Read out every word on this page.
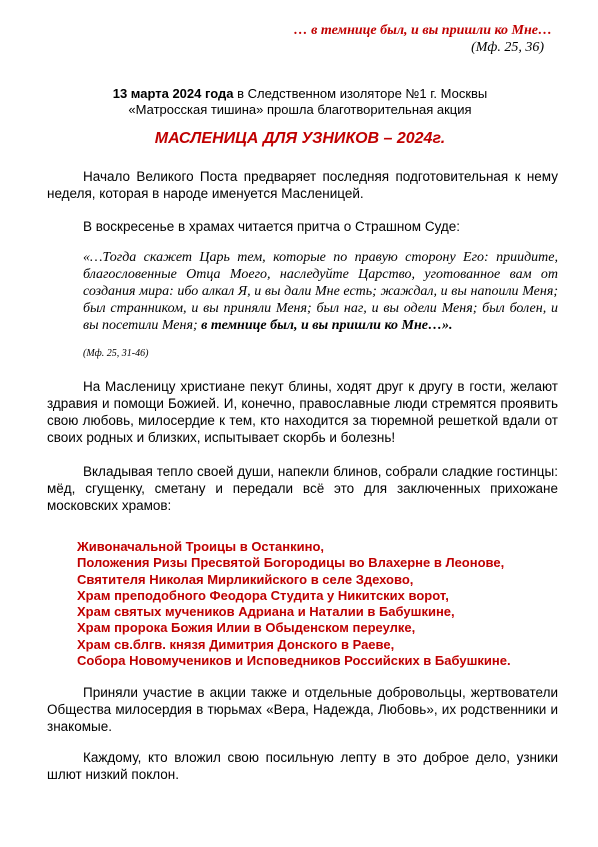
… в темнице был, и вы пришли ко Мне…
(Мф. 25, 36)
13 марта 2024 года в Следственном изоляторе №1 г. Москвы
«Матросская тишина» прошла благотворительная акция
МАСЛЕНИЦА ДЛЯ УЗНИКОВ – 2024г.

Начало Великого Поста предваряет последняя подготовительная к нему неделя, которая в народе именуется Масленицей.

В воскресенье в храмах читается притча о Страшном Суде:

«…Тогда скажет Царь тем, которые по правую сторону Его: приидите, благословенные Отца Моего, наследуйте Царство, уготованное вам от создания мира: ибо алкал Я, и вы дали Мне есть; жаждал, и вы напоили Меня; был странником, и вы приняли Меня; был наг, и вы одели Меня; был болен, и вы посетили Меня; в темнице был, и вы пришли ко Мне…».
(Мф. 25, 31-46)

На Масленицу христиане пекут блины, ходят друг к другу в гости, желают здравия и помощи Божией. И, конечно, православные люди стремятся проявить свою любовь, милосердие к тем, кто находится за тюремной решеткой вдали от своих родных и близких, испытывает скорбь и болезнь!

Вкладывая тепло своей души, напекли блинов, собрали сладкие гостинцы: мёд, сгущенку, сметану и передали всё это для заключенных прихожане московских храмов:

Живоначальной Троицы в Останкино,
Положения Ризы Пресвятой Богородицы во Влахерне в Леонове,
Святителя Николая Мирликийского в селе Здехово,
Храм преподобного Феодора Студита у Никитских ворот,
Храм святых мучеников Адриана и Наталии в Бабушкине,
Храм пророка Божия Илии в Обыденском переулке,
Храм св.блгв. князя Димитрия Донского в Раеве,
Собора Новомучеников и Исповедников Российских в Бабушкине.

Приняли участие в акции также и отдельные добровольцы, жертвователи Общества милосердия в тюрьмах «Вера, Надежда, Любовь», их родственники и знакомые.

Каждому, кто вложил свою посильную лепту в это доброе дело, узники шлют низкий поклон.
